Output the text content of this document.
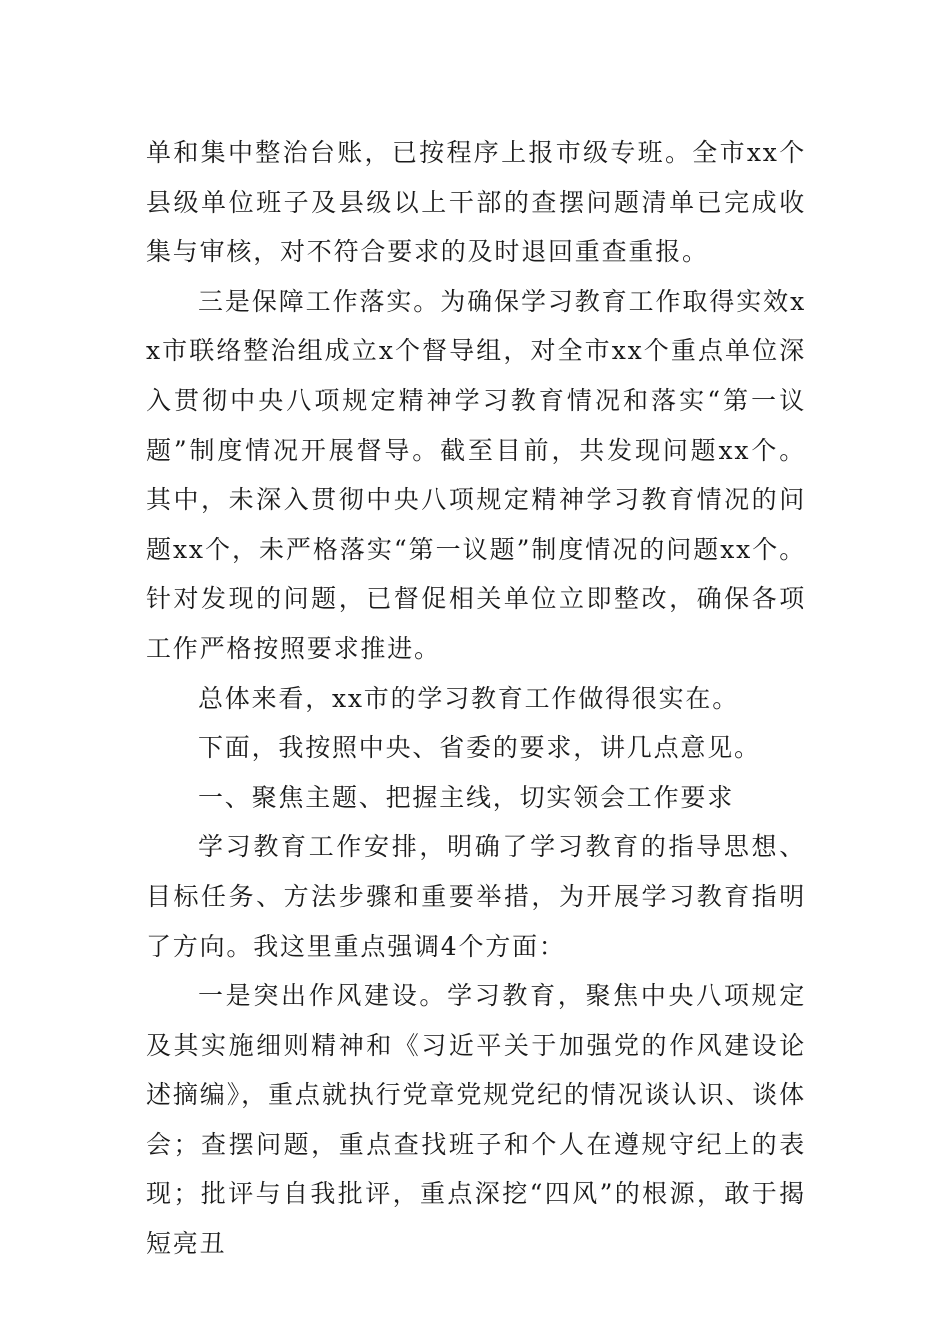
单和集中整治台账，已按程序上报市级专班。全市xx个县级单位班子及县级以上干部的查摆问题清单已完成收集与审核，对不符合要求的及时退回重查重报。

三是保障工作落实。为确保学习教育工作取得实效xx市联络整治组成立x个督导组，对全市xx个重点单位深入贯彻中央八项规定精神学习教育情况和落实“第一议题”制度情况开展督导。截至目前，共发现问题xx个。其中，未深入贯彻中央八项规定精神学习教育情况的问题xx个，未严格落实“第一议题”制度情况的问题xx个。针对发现的问题，已督促相关单位立即整改，确保各项工作严格按照要求推进。

总体来看，xx市的学习教育工作做得很实在。

下面，我按照中央、省委的要求，讲几点意见。

一、聚焦主题、把握主线，切实领会工作要求

学习教育工作安排，明确了学习教育的指导思想、目标任务、方法步骤和重要举措，为开展学习教育指明了方向。我这里重点强调4个方面：

一是突出作风建设。学习教育，聚焦中央八项规定及其实施细则精神和《习近平关于加强党的作风建设论述摘编》，重点就执行党章党规党纪的情况谈认识、谈体会；查摆问题，重点查找班子和个人在遵规守纪上的表现；批评与自我批评，重点深挖“四风”的根源，敢于揭短亮丑
